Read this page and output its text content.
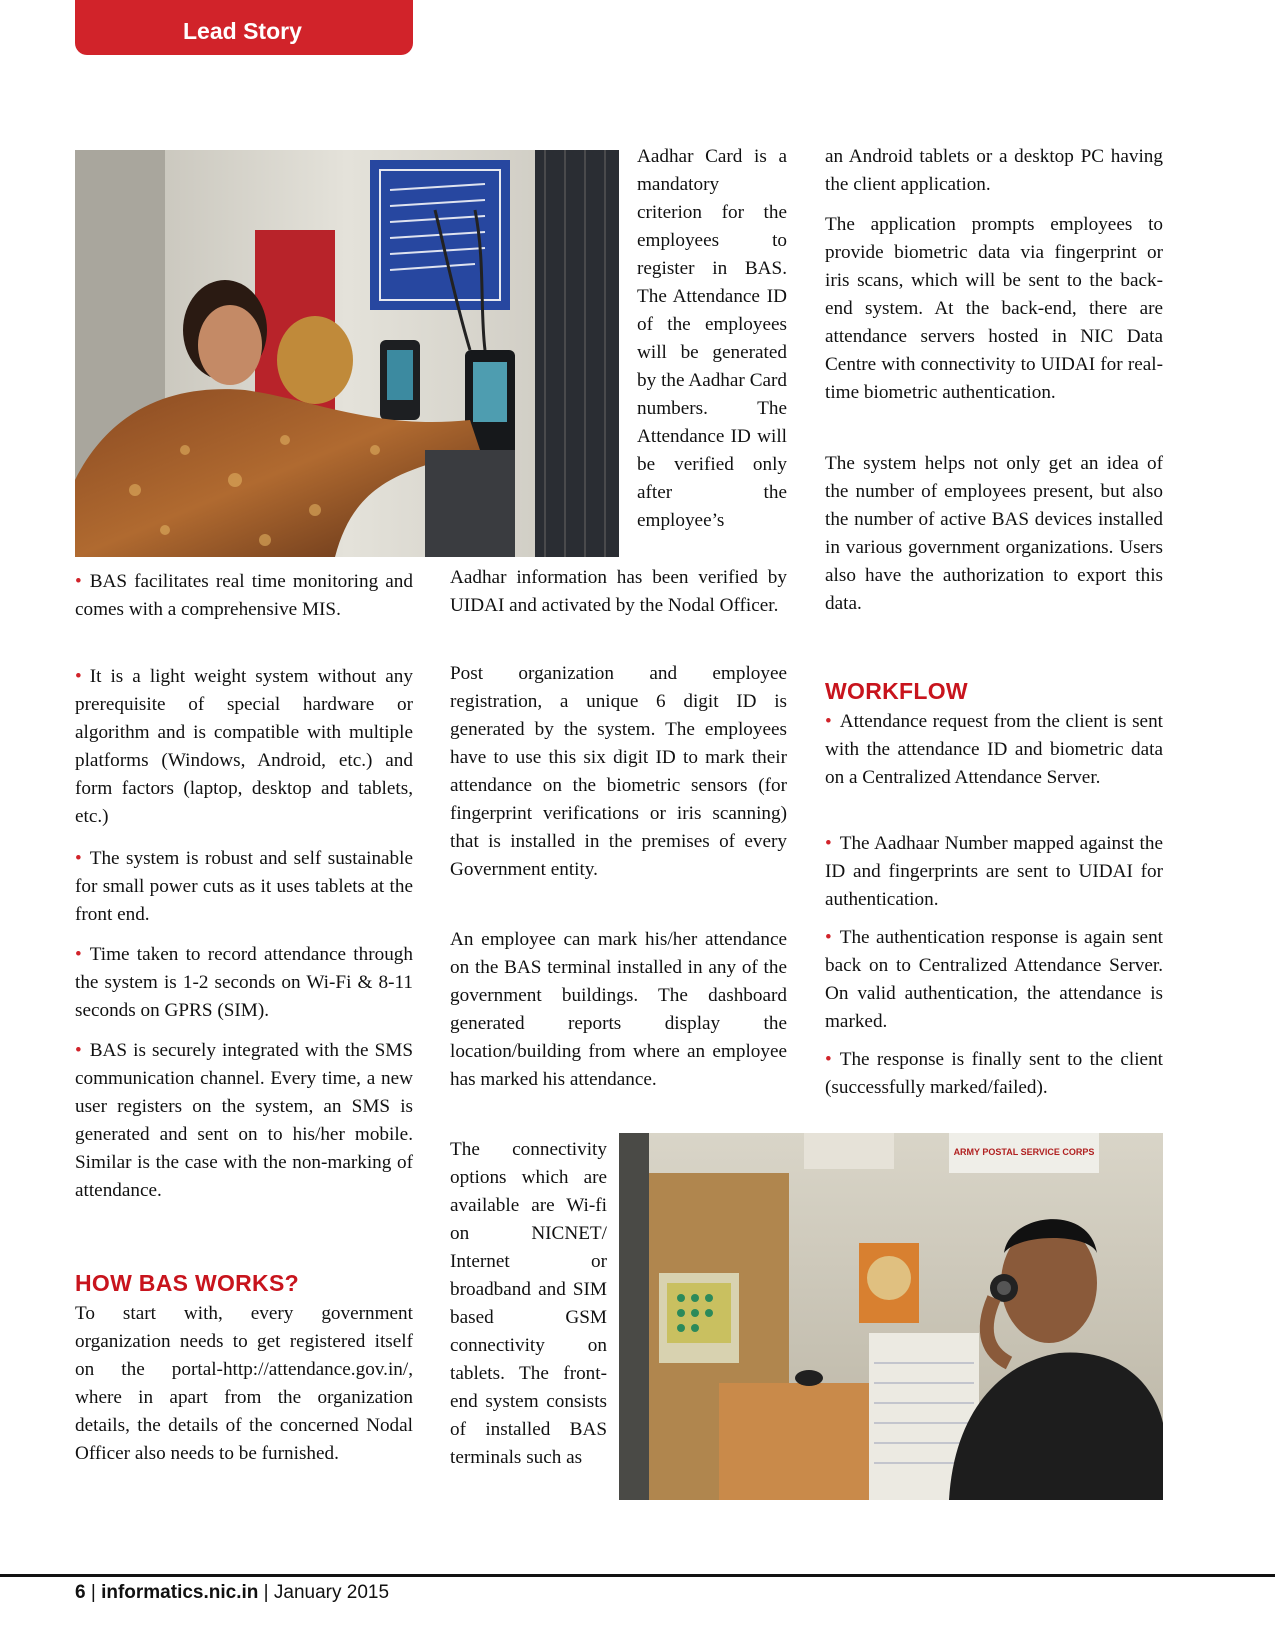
Lead Story

Aadhar Card is a mandatory criterion for the employees to register in BAS. The Attendance ID of the employees will be generated by the Aadhar Card numbers. The Attendance ID will be verified only after the employee’s

• BAS facilitates real time monitoring and comes with a comprehensive MIS.

• It is a light weight system without any prerequisite of special hardware or algorithm and is compatible with multiple platforms (Windows, Android, etc.) and form factors (laptop, desktop and tablets, etc.)

• The system is robust and self sustainable for small power cuts as it uses tablets at the front end.

• Time taken to record attendance through the system is 1-2 seconds on Wi-Fi & 8-11 seconds on GPRS (SIM).

• BAS is securely integrated with the SMS communication channel. Every time, a new user registers on the system, an SMS is generated and sent on to his/her mobile. Similar is the case with the non-marking of attendance.

HOW BAS WORKS?

To start with, every government organization needs to get registered itself on the portal-http://attendance.gov.in/, where in apart from the organization details, the details of the concerned Nodal Officer also needs to be furnished.

Aadhar information has been verified by UIDAI and activated by the Nodal Officer.

Post organization and employee registration, a unique 6 digit ID is generated by the system. The employees have to use this six digit ID to mark their attendance on the biometric sensors (for fingerprint verifications or iris scanning) that is installed in the premises of every Government entity.

An employee can mark his/her attendance on the BAS terminal installed in any of the government buildings. The dashboard generated reports display the location/building from where an employee has marked his attendance.

The connectivity options which are available are Wi-fi on NICNET/ Internet or broadband and SIM based GSM connectivity on tablets. The front-end system consists of installed BAS terminals such as

an Android tablets or a desktop PC having the client application.

The application prompts employees to provide biometric data via fingerprint or iris scans, which will be sent to the back-end system. At the back-end, there are attendance servers hosted in NIC Data Centre with connectivity to UIDAI for real-time biometric authentication.

The system helps not only get an idea of the number of employees present, but also the number of active BAS devices installed in various government organizations. Users also have the authorization to export this data.

WORKFLOW

• Attendance request from the client is sent with the attendance ID and biometric data on a Centralized Attendance Server.

• The Aadhaar Number mapped against the ID and fingerprints are sent to UIDAI for authentication.

• The authentication response is again sent back on to Centralized Attendance Server. On valid authentication, the attendance is marked.

• The response is finally sent to the client (successfully marked/failed).

ARMY POSTAL SERVICE CORPS
6 | informatics.nic.in | January 2015
